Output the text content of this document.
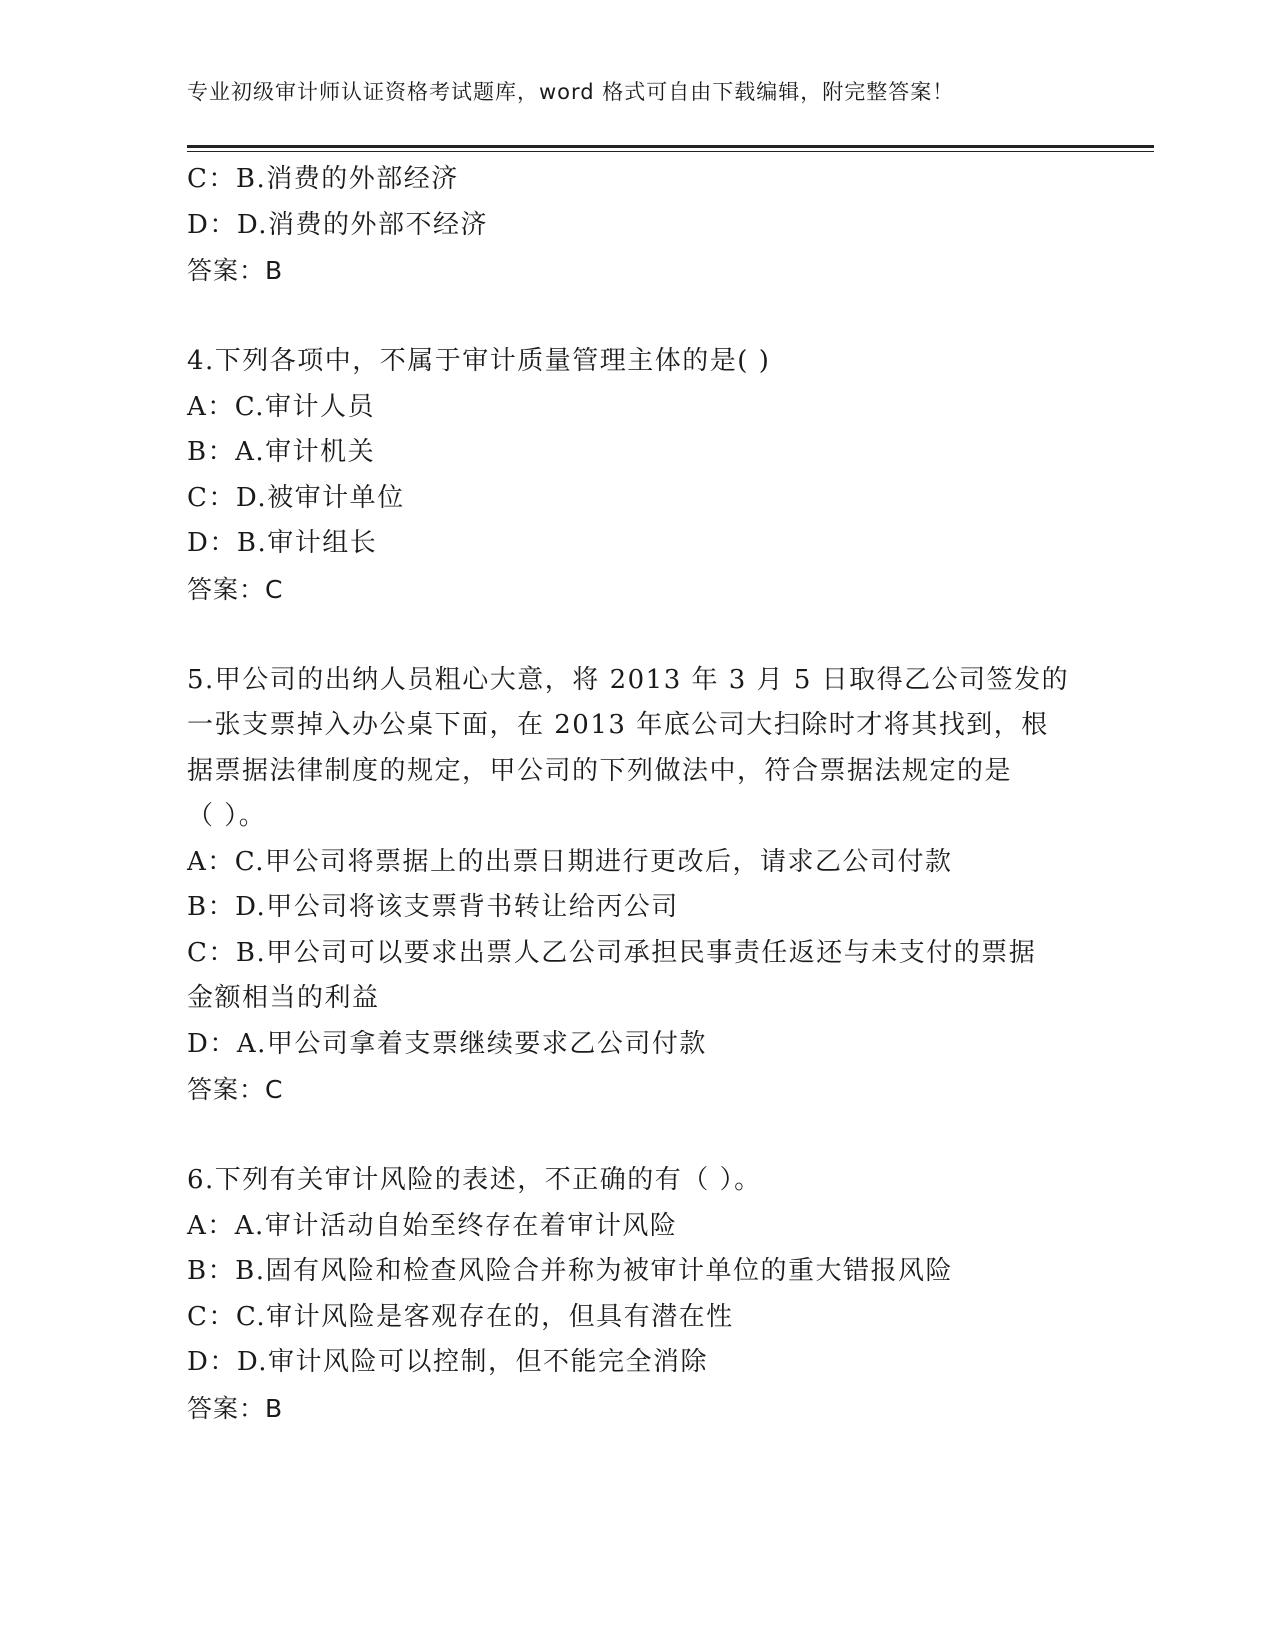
专业初级审计师认证资格考试题库，word 格式可自由下载编辑，附完整答案！
C：B.消费的外部经济
D：D.消费的外部不经济
答案：B
4.下列各项中，不属于审计质量管理主体的是( )
A：C.审计人员
B：A.审计机关
C：D.被审计单位
D：B.审计组长
答案：C
5.甲公司的出纳人员粗心大意，将 2013 年 3 月 5 日取得乙公司签发的
一张支票掉入办公桌下面，在 2013 年底公司大扫除时才将其找到，根
据票据法律制度的规定，甲公司的下列做法中，符合票据法规定的是
（ ）。
A：C.甲公司将票据上的出票日期进行更改后，请求乙公司付款
B：D.甲公司将该支票背书转让给丙公司
C：B.甲公司可以要求出票人乙公司承担民事责任返还与未支付的票据
金额相当的利益
D：A.甲公司拿着支票继续要求乙公司付款
答案：C
6.下列有关审计风险的表述，不正确的有（ ）。
A：A.审计活动自始至终存在着审计风险
B：B.固有风险和检查风险合并称为被审计单位的重大错报风险
C：C.审计风险是客观存在的，但具有潜在性
D：D.审计风险可以控制，但不能完全消除
答案：B
